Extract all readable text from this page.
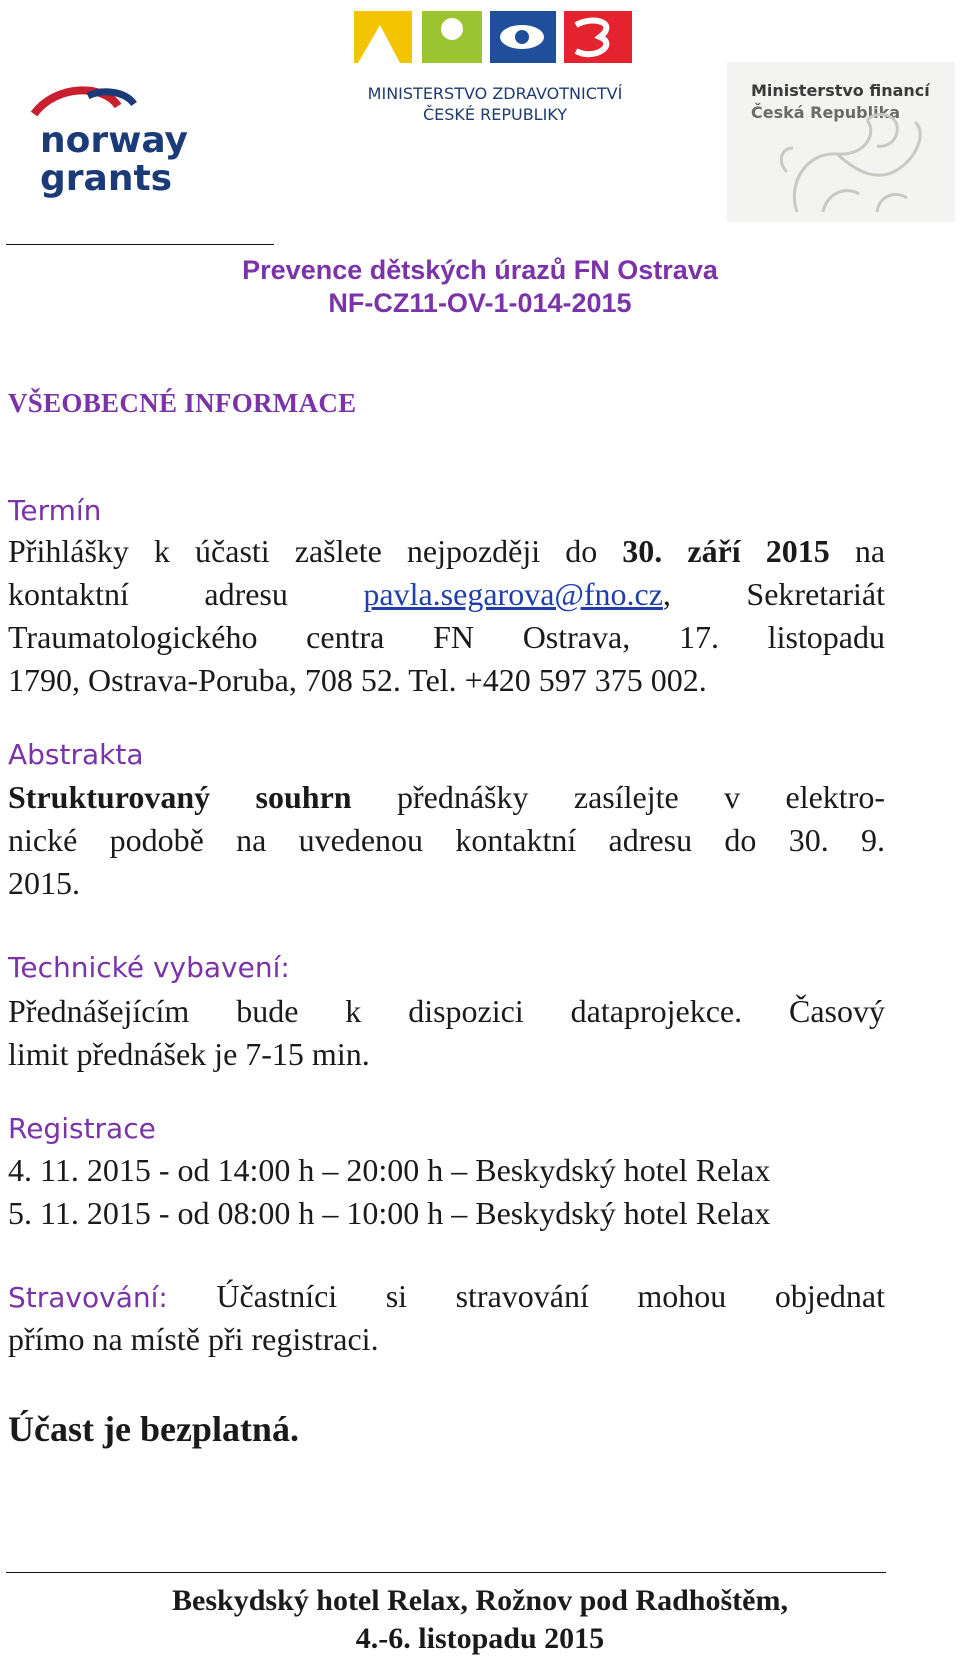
norway
grants
MINISTERSTVO ZDRAVOTNICTVÍ
ČESKÉ REPUBLIKY
Ministerstvo financí
Česká Republika
Prevence dětských úrazů FN Ostrava
NF-CZ11-OV-1-014-2015
VŠEOBECNÉ INFORMACE
Termín
Přihlášky k účasti zašlete nejpozději do 30. září 2015 na
kontaktní adresu pavla.segarova@fno.cz, Sekretariát
Traumatologického centra FN Ostrava, 17. listopadu
1790, Ostrava-Poruba, 708 52. Tel. +420 597 375 002.
Abstrakta
Strukturovaný souhrn přednášky zasílejte v elektro-
nické podobě na uvedenou kontaktní adresu do 30. 9.
2015.
Technické vybavení:
Přednášejícím bude k dispozici dataprojekce. Časový
limit přednášek je 7-15 min.
Registrace
4. 11. 2015 - od 14:00 h – 20:00 h – Beskydský hotel Relax
5. 11. 2015 - od 08:00 h – 10:00 h – Beskydský hotel Relax
Stravování: Účastníci si stravování mohou objednat
přímo na místě při registraci.
Účast je bezplatná.
Beskydský hotel Relax, Rožnov pod Radhoštěm,
4.-6. listopadu 2015
